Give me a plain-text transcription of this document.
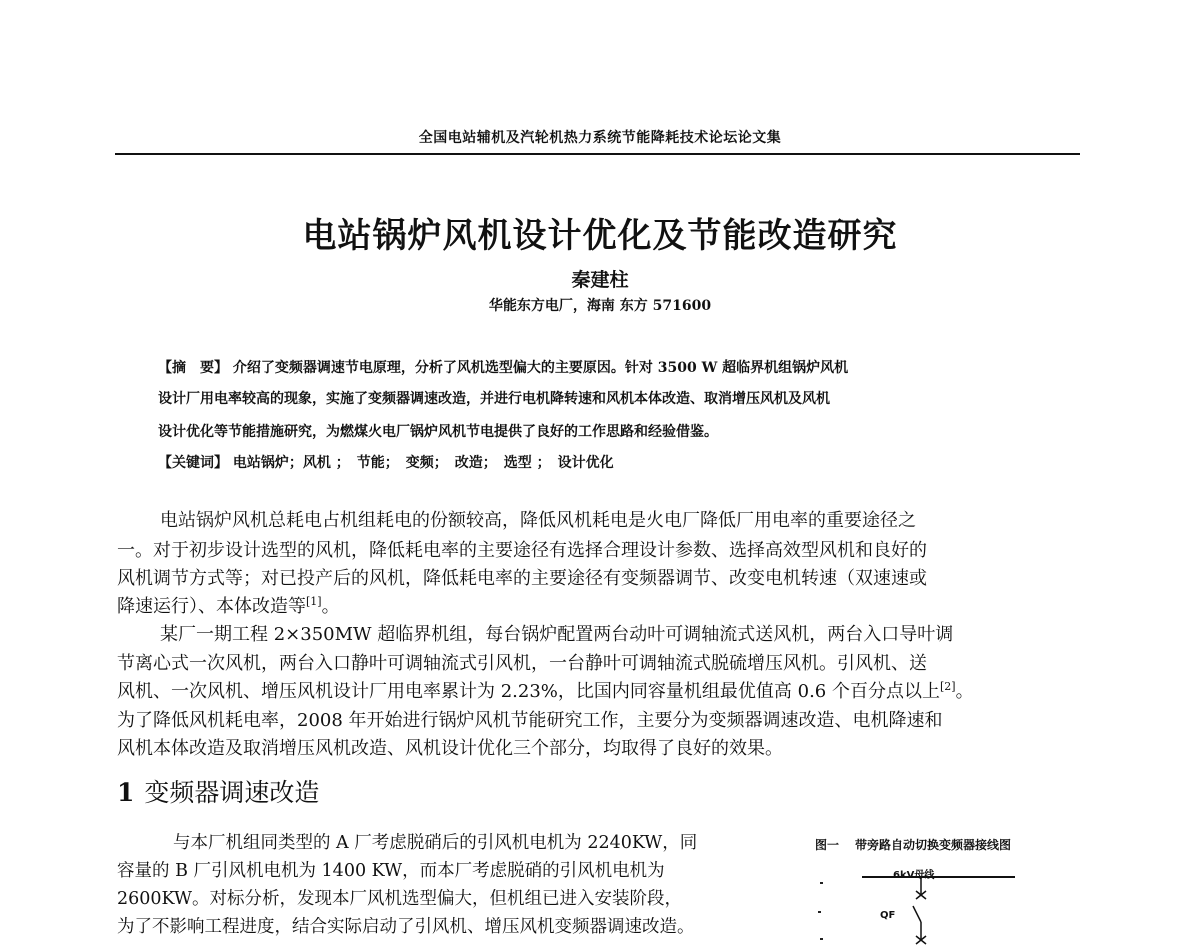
全国电站辅机及汽轮机热力系统节能降耗技术论坛论文集
电站锅炉风机设计优化及节能改造研究
秦建柱
华能东方电厂，海南 东方 571600
【摘　要】 介绍了变频器调速节电原理，分析了风机选型偏大的主要原因。针对 3500 W 超临界机组锅炉风机
设计厂用电率较高的现象，实施了变频器调速改造，并进行电机降转速和风机本体改造、取消增压风机及风机
设计优化等节能措施研究，为燃煤火电厂锅炉风机节电提供了良好的工作思路和经验借鉴。
【关键词】 电站锅炉；风机 ；　节能；　变频；　改造；　选型 ；　设计优化
电站锅炉风机总耗电占机组耗电的份额较高，降低风机耗电是火电厂降低厂用电率的重要途径之
一。对于初步设计选型的风机，降低耗电率的主要途径有选择合理设计参数、选择高效型风机和良好的
风机调节方式等；对已投产后的风机，降低耗电率的主要途径有变频器调节、改变电机转速（双速速或
降速运行）、本体改造等[1]。
某厂一期工程 2×350MW 超临界机组，每台锅炉配置两台动叶可调轴流式送风机，两台入口导叶调
节离心式一次风机，两台入口静叶可调轴流式引风机，一台静叶可调轴流式脱硫增压风机。引风机、送
风机、一次风机、增压风机设计厂用电率累计为 2.23%，比国内同容量机组最优值高 0.6 个百分点以上[2]。
为了降低风机耗电率，2008 年开始进行锅炉风机节能研究工作，主要分为变频器调速改造、电机降速和
风机本体改造及取消增压风机改造、风机设计优化三个部分，均取得了良好的效果。
1 变频器调速改造
与本厂机组同类型的 A 厂考虑脱硝后的引风机电机为 2240KW，同
容量的 B 厂引风机电机为 1400 KW，而本厂考虑脱硝的引风机电机为
2600KW。对标分析，发现本厂风机选型偏大，但机组已进入安装阶段，
为了不影响工程进度，结合实际启动了引风机、增压风机变频器调速改造。
图一 带旁路自动切换变频器接线图
6kV母线
QF
